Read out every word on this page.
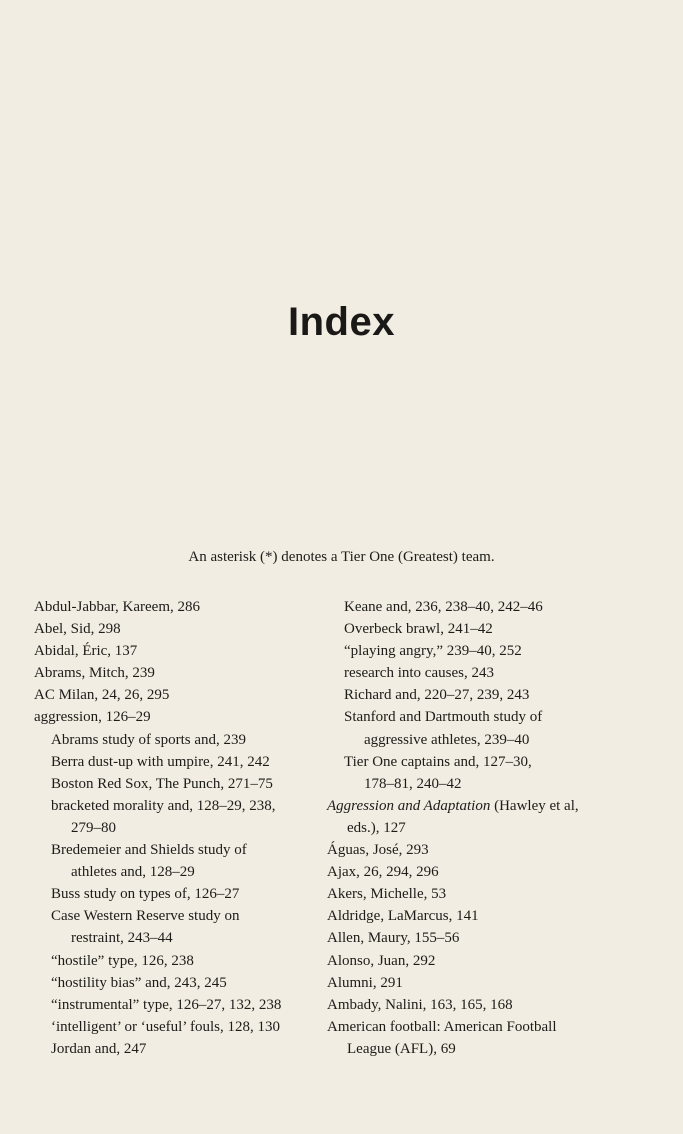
Index
An asterisk (*) denotes a Tier One (Greatest) team.
Abdul-Jabbar, Kareem, 286
Abel, Sid, 298
Abidal, Éric, 137
Abrams, Mitch, 239
AC Milan, 24, 26, 295
aggression, 126–29
Abrams study of sports and, 239
Berra dust-up with umpire, 241, 242
Boston Red Sox, The Punch, 271–75
bracketed morality and, 128–29, 238,
279–80
Bredemeier and Shields study of
athletes and, 128–29
Buss study on types of, 126–27
Case Western Reserve study on
restraint, 243–44
“hostile” type, 126, 238
“hostility bias” and, 243, 245
“instrumental” type, 126–27, 132, 238
‘intelligent’ or ‘useful’ fouls, 128, 130
Jordan and, 247
Keane and, 236, 238–40, 242–46
Overbeck brawl, 241–42
“playing angry,” 239–40, 252
research into causes, 243
Richard and, 220–27, 239, 243
Stanford and Dartmouth study of
aggressive athletes, 239–40
Tier One captains and, 127–30,
178–81, 240–42
Aggression and Adaptation (Hawley et al,
eds.), 127
Águas, José, 293
Ajax, 26, 294, 296
Akers, Michelle, 53
Aldridge, LaMarcus, 141
Allen, Maury, 155–56
Alonso, Juan, 292
Alumni, 291
Ambady, Nalini, 163, 165, 168
American football: American Football
League (AFL), 69
